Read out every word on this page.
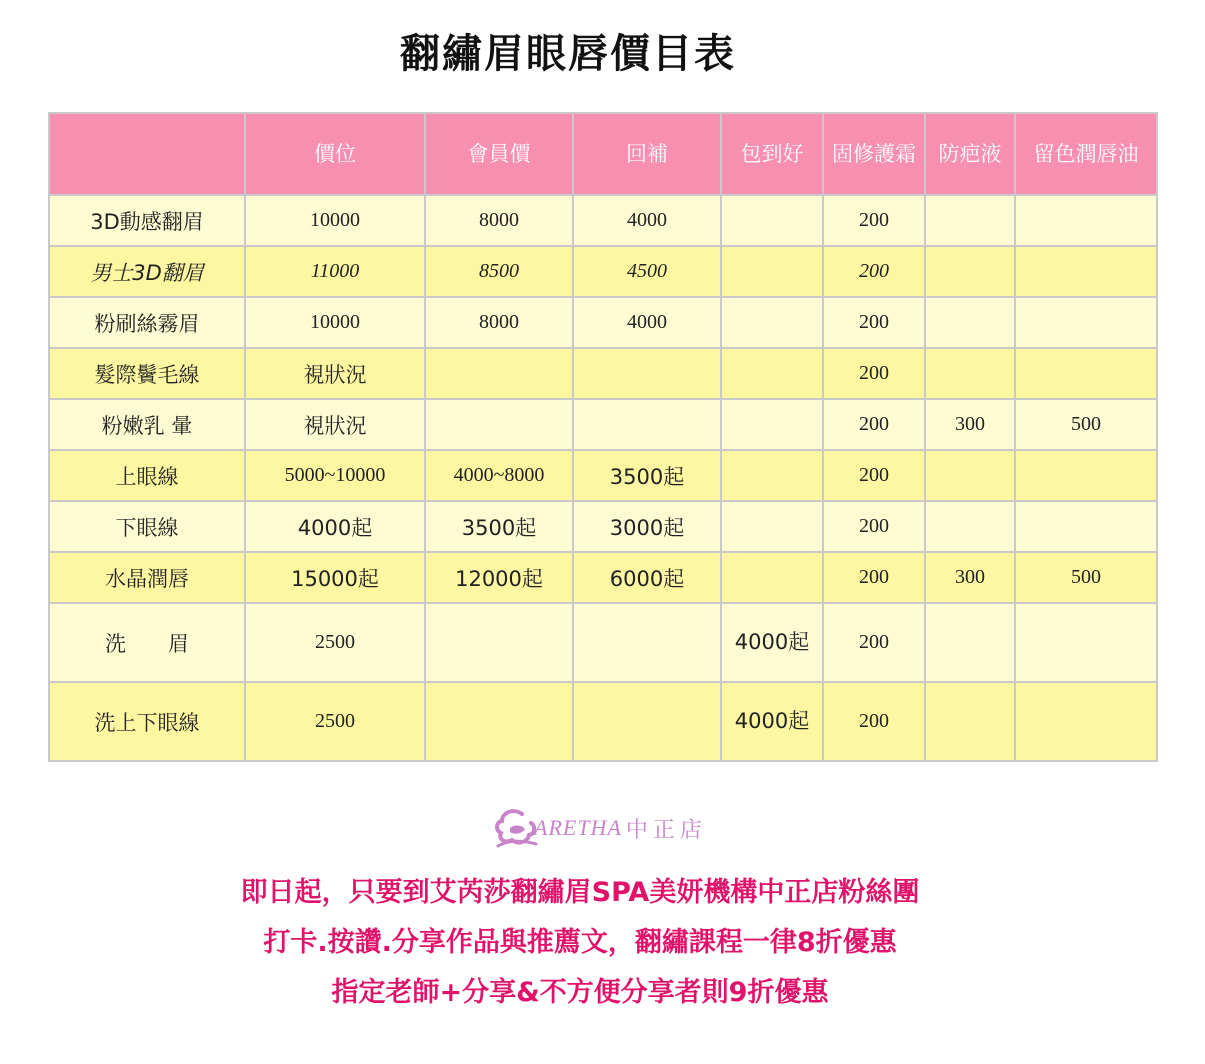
翻繡眉眼唇價目表
	價位	會員價	回補	包到好	固修護霜	防疤液	留色潤唇油
3D動感翻眉	10000	8000	4000		200		
男士3D翻眉	11000	8500	4500		200		
粉刷絲霧眉	10000	8000	4000		200		
髮際鬢毛線	視狀況				200		
粉嫩乳 暈	視狀況				200	300	500
上眼線	5000~10000	4000~8000	3500起		200		
下眼線	4000起	3500起	3000起		200		
水晶潤唇	15000起	12000起	6000起		200	300	500
洗　　眉	2500			4000起	200		
洗上下眼線	2500			4000起	200		
ARETHA 中正店
即日起，只要到艾芮莎翻繡眉SPA美妍機構中正店粉絲團
打卡.按讚.分享作品與推薦文，翻繡課程一律8折優惠
指定老師+分享&不方便分享者則9折優惠
